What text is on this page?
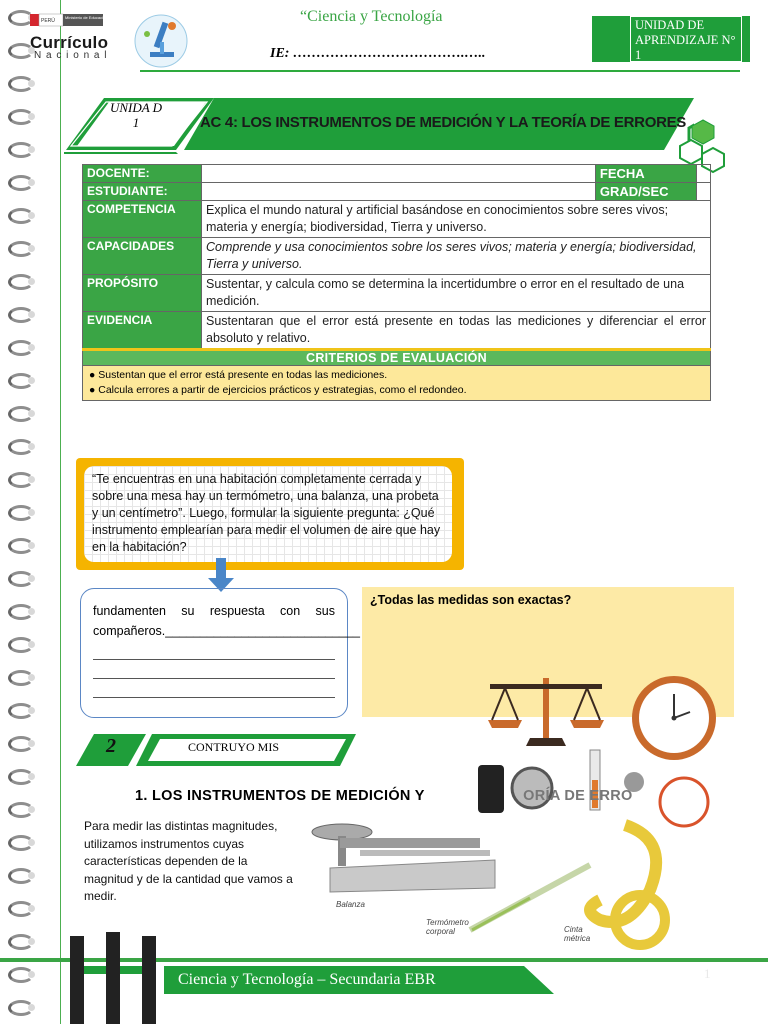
PERÚ
Ministerio de Educación
Currículo
Nacional
“Ciencia y Tecnología
IE: ……………………………….…..
UNIDAD DE APRENDIZAJE N° 1
UNIDA D 1	AC 4: LOS INSTRUMENTOS DE MEDICIÓN Y LA TEORÍA DE ERRORES
DOCENTE:		FECHA	
ESTUDIANTE:		GRAD/SEC	
COMPETENCIA	Explica el mundo natural y artificial basándose en conocimientos sobre seres vivos; materia y energía; biodiversidad, Tierra y universo.		
CAPACIDADES	Comprende y usa conocimientos sobre los seres vivos; materia y energía; biodiversidad, Tierra y universo.		
PROPÓSITO	Sustentar, y calcula como se determina la incertidumbre o error en el resultado de una medición.		
EVIDENCIA	Sustentaran que el error está presente en todas las mediciones y diferenciar el error absoluto y relativo.		
CRITERIOS DE EVALUACIÓN			

● Sustentan que el error está presente en todas las mediciones.
● Calcula errores a partir de ejercicios prácticos y estrategias, como el redondeo.			
“Te encuentras en una habitación completamente cerrada y sobre una mesa hay un termómetro, una balanza, una probeta y un centímetro”. Luego, formular la siguiente pregunta: ¿Qué instrumento emplearían para medir el volumen de aire que hay en la habitación?
fundamenten su respuesta con sus compañeros.____________________________
¿Todas las medidas son exactas?
2	CONTRUYO MIS
1. LOS INSTRUMENTOS DE MEDICIÓN Y	ORÍA DE ERRO
Para medir las distintas magnitudes, utilizamos instrumentos cuyas características dependen de la magnitud y de la cantidad que vamos a medir.
Balanza
Termómetro corporal	Cinta métrica
Ciencia y Tecnología – Secundaria EBR	1
